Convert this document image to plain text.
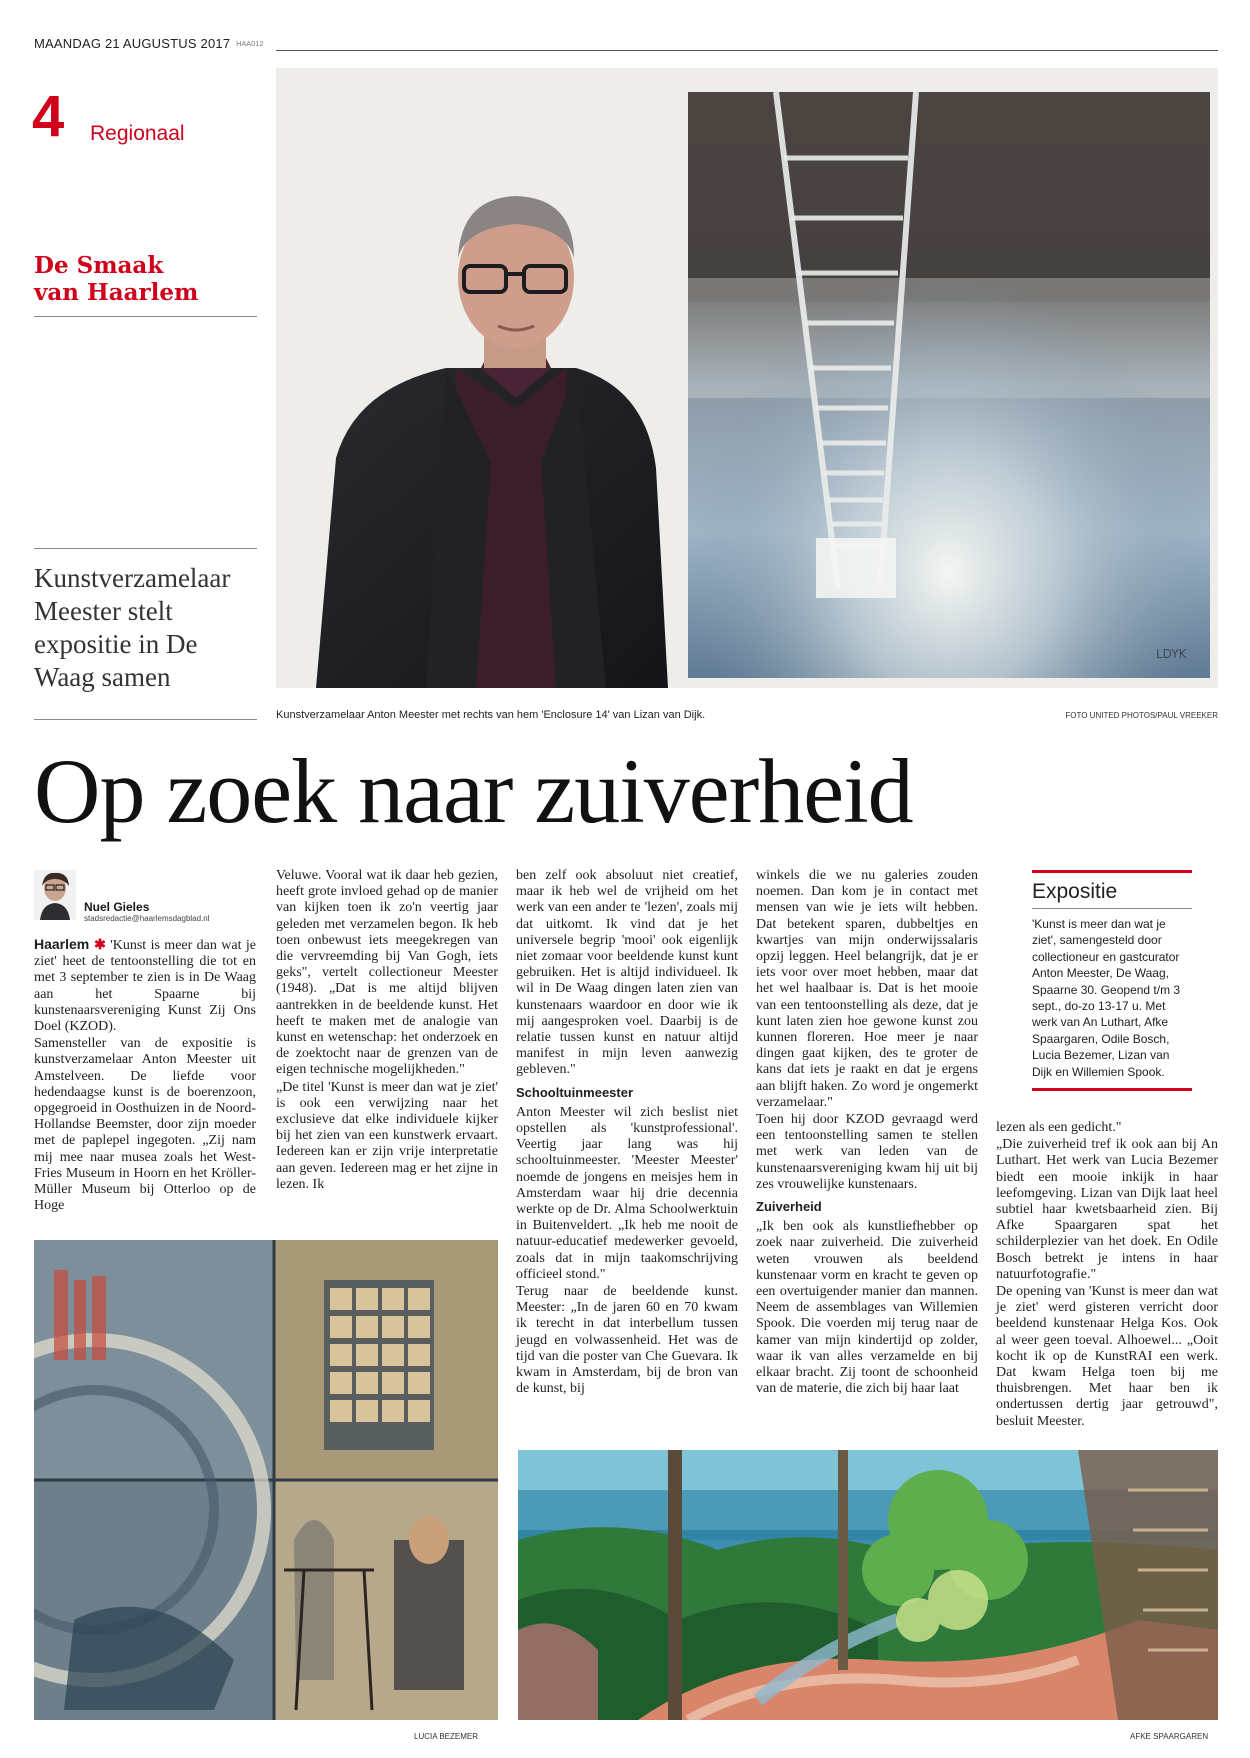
MAANDAG 21 AUGUSTUS 2017 HAA012
4 Regionaal
De Smaak
van Haarlem
Kunstverzamelaar Meester stelt expositie in De Waag samen
LDYK
Kunstverzamelaar Anton Meester met rechts van hem 'Enclosure 14' van Lizan van Dijk.	FOTO UNITED PHOTOS/PAUL VREEKER
Op zoek naar zuiverheid
Nuel Gieles
stadsredactie@haarlemsdagblad.nl

Haarlem ✱ 'Kunst is meer dan wat je ziet' heet de tentoonstelling die tot en met 3 september te zien is in De Waag aan het Spaarne bij kunstenaarsvereniging Kunst Zij Ons Doel (KZOD).

Samensteller van de expositie is kunstverzamelaar Anton Meester uit Amstelveen. De liefde voor hedendaagse kunst is de boerenzoon, opgegroeid in Oosthuizen in de Noord-Hollandse Beemster, door zijn moeder met de paplepel ingegoten. „Zij nam mij mee naar musea zoals het West-Fries Museum in Hoorn en het Kröller-Müller Museum bij Otterloo op de Hoge

Veluwe. Vooral wat ik daar heb gezien, heeft grote invloed gehad op de manier van kijken toen ik zo'n veertig jaar geleden met verzamelen begon. Ik heb toen onbewust iets meegekregen van die vervreemding bij Van Gogh, iets geks", vertelt collectioneur Meester (1948). „Dat is me altijd blijven aantrekken in de beeldende kunst. Het heeft te maken met de analogie van kunst en wetenschap: het onderzoek en de zoektocht naar de grenzen van de eigen technische mogelijkheden."

„De titel 'Kunst is meer dan wat je ziet' is ook een verwijzing naar het exclusieve dat elke individuele kijker bij het zien van een kunstwerk ervaart. Iedereen kan er zijn vrije interpretatie aan geven. Iedereen mag er het zijne in lezen. Ik

ben zelf ook absoluut niet creatief, maar ik heb wel de vrijheid om het werk van een ander te 'lezen', zoals mij dat uitkomt. Ik vind dat je het universele begrip 'mooi' ook eigenlijk niet zomaar voor beeldende kunst kunt gebruiken. Het is altijd individueel. Ik wil in De Waag dingen laten zien van kunstenaars waardoor en door wie ik mij aangesproken voel. Daarbij is de relatie tussen kunst en natuur altijd manifest in mijn leven aanwezig gebleven."

Schooltuinmeester

Anton Meester wil zich beslist niet opstellen als 'kunstprofessional'. Veertig jaar lang was hij schooltuinmeester. 'Meester Meester' noemde de jongens en meisjes hem in Amsterdam waar hij drie decennia werkte op de Dr. Alma Schoolwerktuin in Buitenveldert. „Ik heb me nooit de natuur-educatief medewerker gevoeld, zoals dat in mijn taakomschrijving officieel stond."

Terug naar de beeldende kunst. Meester: „In de jaren 60 en 70 kwam ik terecht in dat interbellum tussen jeugd en volwassenheid. Het was de tijd van die poster van Che Guevara. Ik kwam in Amsterdam, bij de bron van de kunst, bij

winkels die we nu galeries zouden noemen. Dan kom je in contact met mensen van wie je iets wilt hebben. Dat betekent sparen, dubbeltjes en kwartjes van mijn onderwijssalaris opzij leggen. Heel belangrijk, dat je er iets voor over moet hebben, maar dat het wel haalbaar is. Dat is het mooie van een tentoonstelling als deze, dat je kunt laten zien hoe gewone kunst zou kunnen floreren. Hoe meer je naar dingen gaat kijken, des te groter de kans dat iets je raakt en dat je ergens aan blijft haken. Zo word je ongemerkt verzamelaar."

Toen hij door KZOD gevraagd werd een tentoonstelling samen te stellen met werk van leden van de kunstenaarsvereniging kwam hij uit bij zes vrouwelijke kunstenaars.

Zuiverheid

„Ik ben ook als kunstliefhebber op zoek naar zuiverheid. Die zuiverheid weten vrouwen als beeldend kunstenaar vorm en kracht te geven op een overtuigender manier dan mannen. Neem de assemblages van Willemien Spook. Die voerden mij terug naar de kamer van mijn kindertijd op zolder, waar ik van alles verzamelde en bij elkaar bracht. Zij toont de schoonheid van de materie, die zich bij haar laat

Expositie
'Kunst is meer dan wat je ziet', samengesteld door collectioneur en gastcurator Anton Meester, De Waag, Spaarne 30. Geopend t/m 3 sept., do-zo 13-17 u. Met werk van An Luthart, Afke Spaargaren, Odile Bosch, Lucia Bezemer, Lizan van Dijk en Willemien Spook.

lezen als een gedicht."

„Die zuiverheid tref ik ook aan bij An Luthart. Het werk van Lucia Bezemer biedt een mooie inkijk in haar leefomgeving. Lizan van Dijk laat heel subtiel haar kwetsbaarheid zien. Bij Afke Spaargaren spat het schilderplezier van het doek. En Odile Bosch betrekt je intens in haar natuurfotografie."

De opening van 'Kunst is meer dan wat je ziet' werd gisteren verricht door beeldend kunstenaar Helga Kos. Ook al weer geen toeval. Alhoewel... „Ooit kocht ik op de KunstRAI een werk. Dat kwam Helga toen bij me thuisbrengen. Met haar ben ik ondertussen dertig jaar getrouwd", besluit Meester.

LUCIA BEZEMER	AFKE SPAARGAREN
